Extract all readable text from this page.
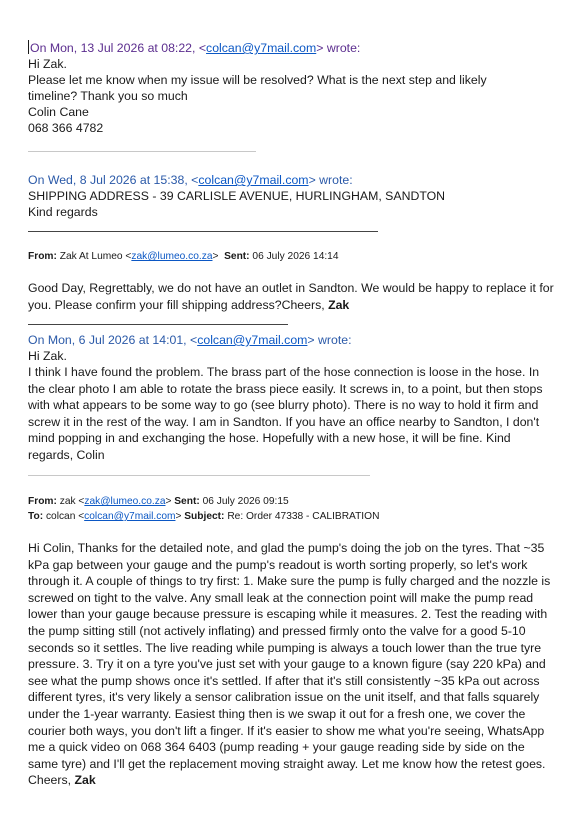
On Mon, 13 Jul 2026 at 08:22, <colcan@y7mail.com> wrote:
Hi Zak.
Please let me know when my issue will be resolved? What is the next step and likely
timeline? Thank you so much
Colin Cane
068 366 4782
On Wed, 8 Jul 2026 at 15:38, <colcan@y7mail.com> wrote:
SHIPPING ADDRESS - 39 CARLISLE AVENUE, HURLINGHAM, SANDTON
Kind regards
From: Zak At Lumeo <zak@lumeo.co.za>  Sent: 06 July 2026 14:14
Good Day, Regrettably, we do not have an outlet in Sandton. We would be happy to replace it for you. Please confirm your fill shipping address?Cheers, Zak
On Mon, 6 Jul 2026 at 14:01, <colcan@y7mail.com> wrote:
Hi Zak.
I think I have found the problem. The brass part of the hose connection is loose in the hose. In the clear photo I am able to rotate the brass piece easily. It screws in, to a point, but then stops with what appears to be some way to go (see blurry photo). There is no way to hold it firm and screw it in the rest of the way. I am in Sandton. If you have an office nearby to Sandton, I don't mind popping in and exchanging the hose. Hopefully with a new hose, it will be fine. Kind regards, Colin
From: zak <zak@lumeo.co.za> Sent: 06 July 2026 09:15
To: colcan <colcan@y7mail.com> Subject: Re: Order 47338 - CALIBRATION
Hi Colin, Thanks for the detailed note, and glad the pump's doing the job on the tyres. That ~35 kPa gap between your gauge and the pump's readout is worth sorting properly, so let's work through it. A couple of things to try first: 1. Make sure the pump is fully charged and the nozzle is screwed on tight to the valve. Any small leak at the connection point will make the pump read lower than your gauge because pressure is escaping while it measures. 2. Test the reading with the pump sitting still (not actively inflating) and pressed firmly onto the valve for a good 5-10 seconds so it settles. The live reading while pumping is always a touch lower than the true tyre pressure. 3. Try it on a tyre you've just set with your gauge to a known figure (say 220 kPa) and see what the pump shows once it's settled. If after that it's still consistently ~35 kPa out across different tyres, it's very likely a sensor calibration issue on the unit itself, and that falls squarely under the 1-year warranty. Easiest thing then is we swap it out for a fresh one, we cover the courier both ways, you don't lift a finger. If it's easier to show me what you're seeing, WhatsApp me a quick video on 068 364 6403 (pump reading + your gauge reading side by side on the same tyre) and I'll get the replacement moving straight away. Let me know how the retest goes. Cheers, Zak
